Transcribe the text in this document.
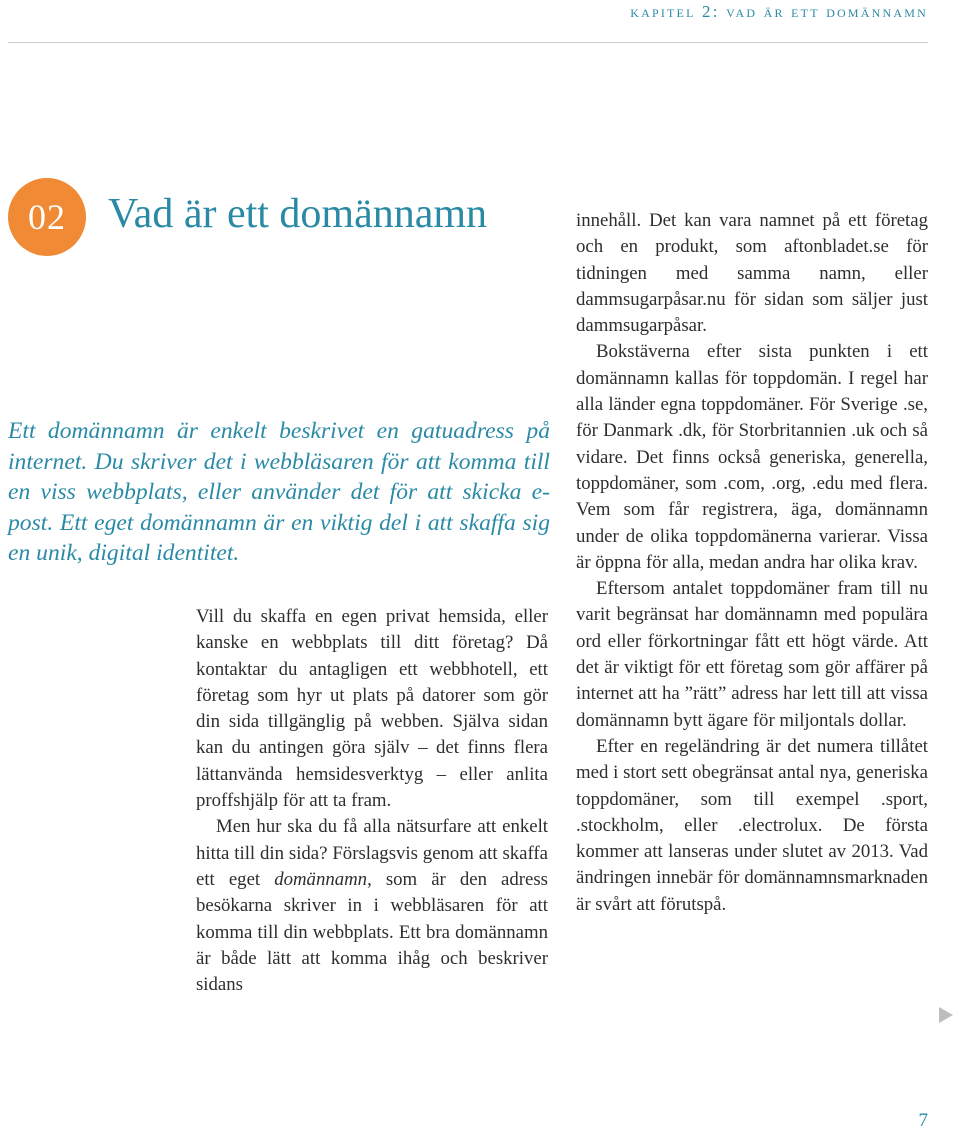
kapitel 2: vad är ett domännamn
02	Vad är ett domännamn

Ett domännamn är enkelt beskrivet en gatuadress på internet. Du skriver det i webbläsaren för att komma till en viss webbplats, eller använder det för att skicka e-post. Ett eget domännamn är en viktig del i att skaffa sig en unik, digital identitet.

Vill du skaffa en egen privat hemsida, eller kanske en webbplats till ditt företag? Då kontaktar du antagligen ett webbhotell, ett företag som hyr ut plats på datorer som gör din sida tillgänglig på webben. Själva sidan kan du antingen göra själv – det finns flera lättanvända hemsidesverktyg – eller anlita proffshjälp för att ta fram.

Men hur ska du få alla nätsurfare att enkelt hitta till din sida? Förslagsvis genom att skaffa ett eget domännamn, som är den adress besökarna skriver in i webbläsaren för att komma till din webbplats. Ett bra domännamn är både lätt att komma ihåg och beskriver sidans

innehåll. Det kan vara namnet på ett företag och en produkt, som aftonbladet.se för tidningen med samma namn, eller dammsugarpåsar.nu för sidan som säljer just dammsugarpåsar.

Bokstäverna efter sista punkten i ett domännamn kallas för toppdomän. I regel har alla länder egna toppdomäner. För Sverige .se, för Danmark .dk, för Storbritannien .uk och så vidare. Det finns också generiska, generella, toppdomäner, som .com, .org, .edu med flera. Vem som får registrera, äga, domännamn under de olika toppdomänerna varierar. Vissa är öppna för alla, medan andra har olika krav.

Eftersom antalet toppdomäner fram till nu varit begränsat har domännamn med populära ord eller förkortningar fått ett högt värde. Att det är viktigt för ett företag som gör affärer på internet att ha ”rätt” adress har lett till att vissa domännamn bytt ägare för miljontals dollar.

Efter en regeländring är det numera tillåtet med i stort sett obegränsat antal nya, generiska toppdomäner, som till exempel .sport, .stockholm, eller .electrolux. De första kommer att lanseras under slutet av 2013. Vad ändringen innebär för domännamnsmarknaden är svårt att förutspå.

7
